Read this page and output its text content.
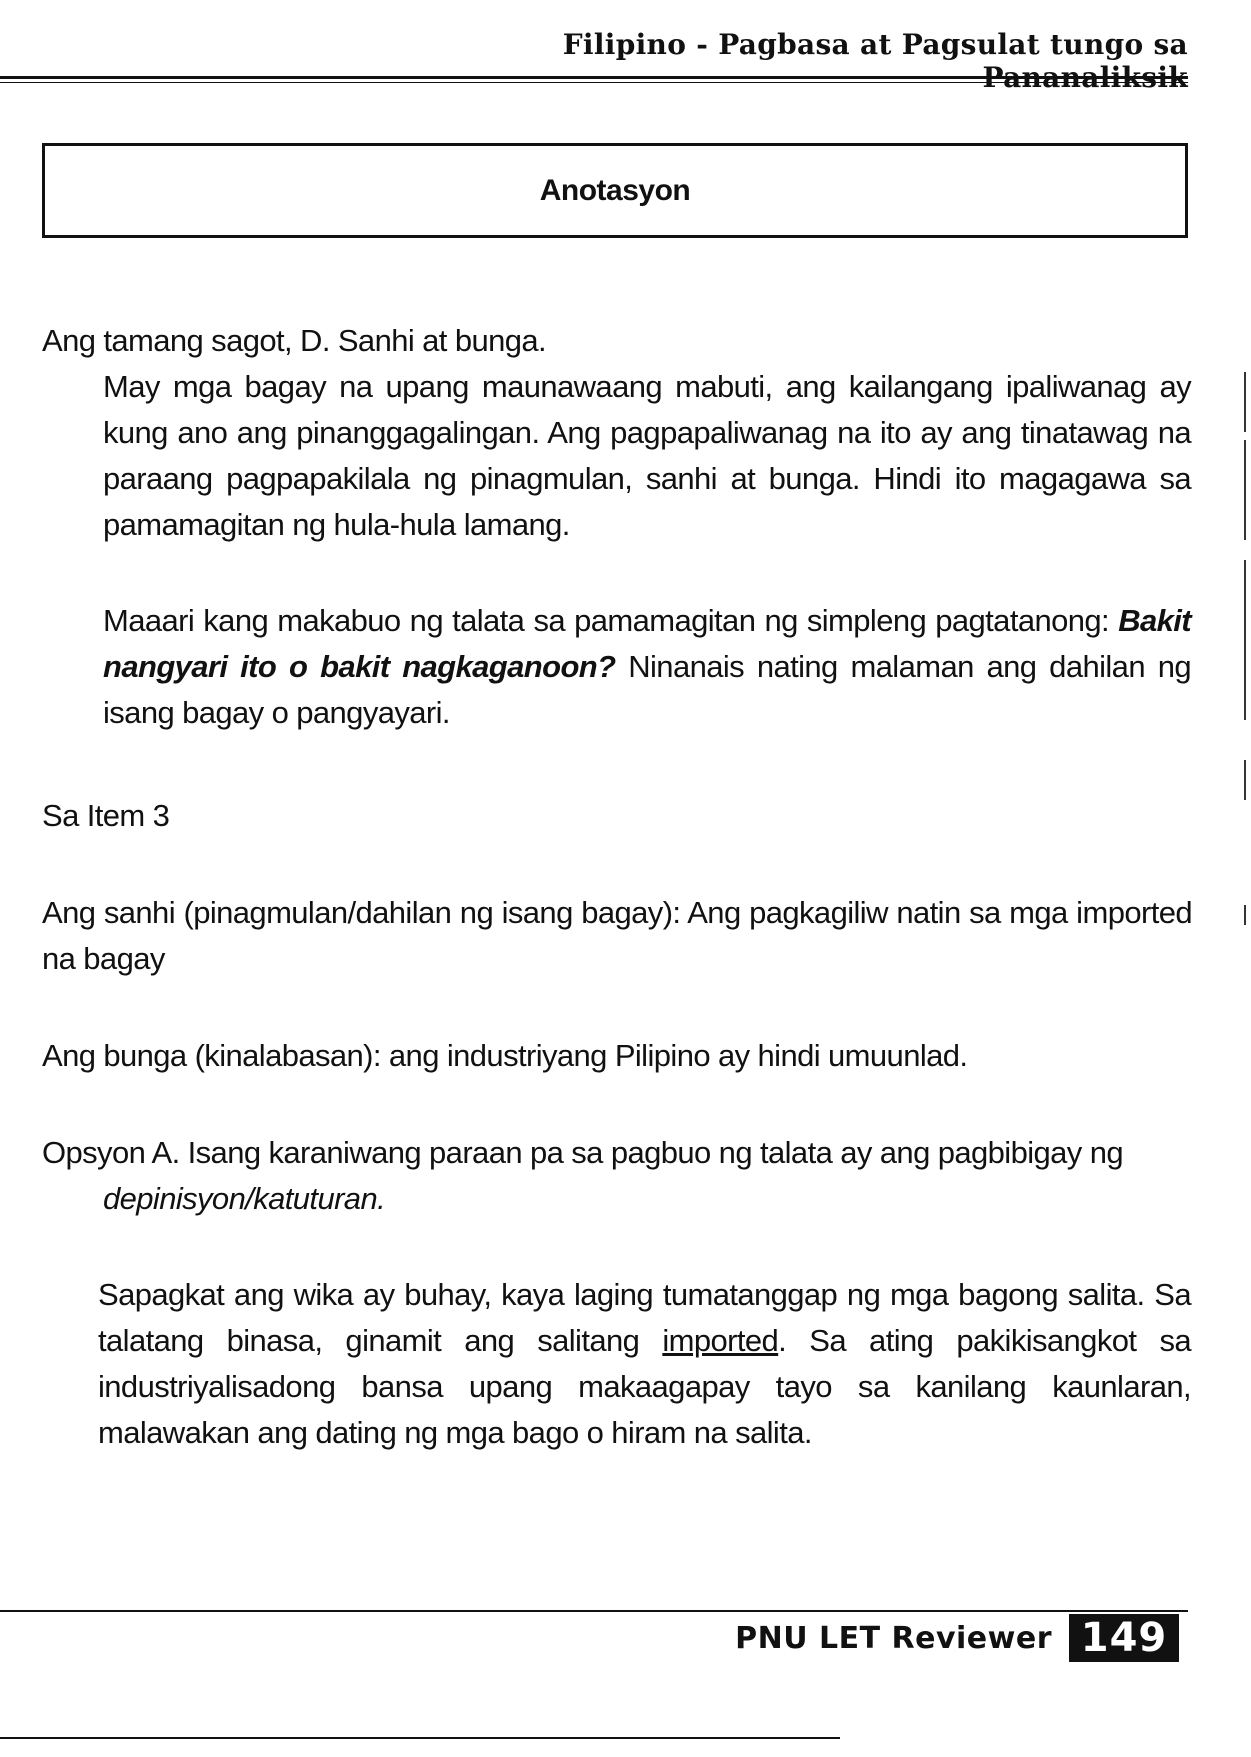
Filipino - Pagbasa at Pagsulat tungo sa Pananaliksik
Anotasyon

Ang tamang sagot, D. Sanhi at bunga.

May mga bagay na upang maunawaang mabuti, ang kailangang ipaliwanag ay kung ano ang pinanggagalingan. Ang pagpapaliwanag na ito ay ang tinatawag na paraang pagpapakilala ng pinagmulan, sanhi at bunga. Hindi ito magagawa sa pamamagitan ng hula-hula lamang.

Maaari kang makabuo ng talata sa pamamagitan ng simpleng pagtatanong: Bakit nangyari ito o bakit nagkaganoon? Ninanais nating malaman ang dahilan ng isang bagay o pangyayari.

Sa Item 3

Ang sanhi (pinagmulan/dahilan ng isang bagay): Ang pagkagiliw natin sa mga imported na bagay

Ang bunga (kinalabasan): ang industriyang Pilipino ay hindi umuunlad.

Opsyon A. Isang karaniwang paraan pa sa pagbuo ng talata ay ang pagbibigay ng

depinisyon/katuturan.

Sapagkat ang wika ay buhay, kaya laging tumatanggap ng mga bagong salita. Sa talatang binasa, ginamit ang salitang imported. Sa ating pakikisangkot sa industriyalisadong bansa upang makaagapay tayo sa kanilang kaunlaran, malawakan ang dating ng mga bago o hiram na salita.

PNU LET Reviewer 149
